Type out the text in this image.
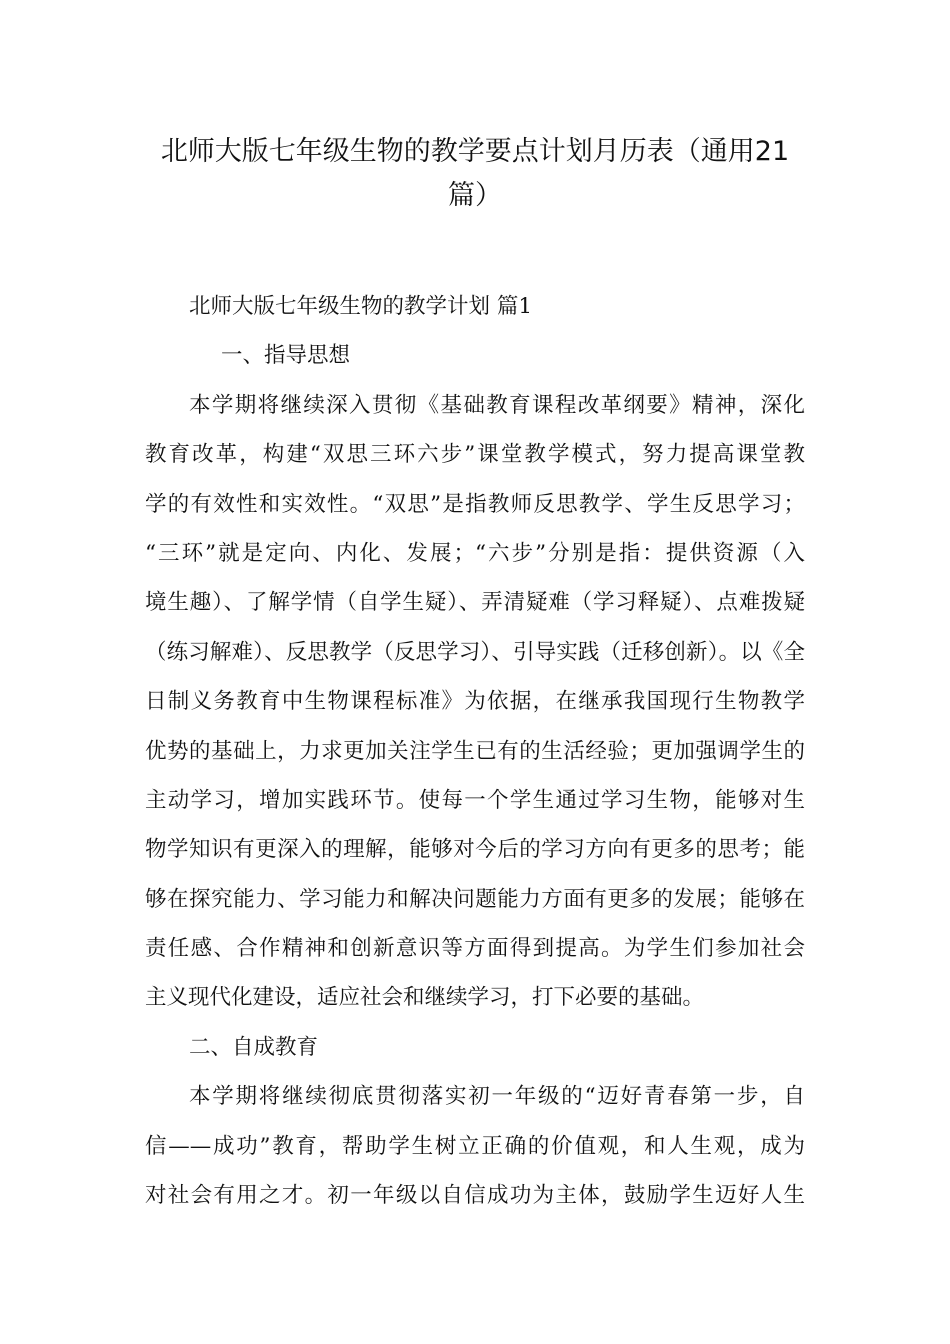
北师大版七年级生物的教学要点计划月历表（通用21
篇）
北师大版七年级生物的教学计划 篇1
一、指导思想
本学期将继续深入贯彻《基础教育课程改革纲要》精神，深化
教育改革，构建“双思三环六步”课堂教学模式，努力提高课堂教
学的有效性和实效性。“双思”是指教师反思教学、学生反思学习；
“三环”就是定向、内化、发展；“六步”分别是指：提供资源（入
境生趣）、了解学情（自学生疑）、弄清疑难（学习释疑）、点难拨疑
（练习解难）、反思教学（反思学习）、引导实践（迁移创新）。以《全
日制义务教育中生物课程标准》为依据，在继承我国现行生物教学
优势的基础上，力求更加关注学生已有的生活经验；更加强调学生的
主动学习，增加实践环节。使每一个学生通过学习生物，能够对生
物学知识有更深入的理解，能够对今后的学习方向有更多的思考；能
够在探究能力、学习能力和解决问题能力方面有更多的发展；能够在
责任感、合作精神和创新意识等方面得到提高。为学生们参加社会
主义现代化建设，适应社会和继续学习，打下必要的基础。
二、自成教育
本学期将继续彻底贯彻落实初一年级的“迈好青春第一步，自
信——成功”教育，帮助学生树立正确的价值观，和人生观，成为
对社会有用之才。初一年级以自信成功为主体，鼓励学生迈好人生
